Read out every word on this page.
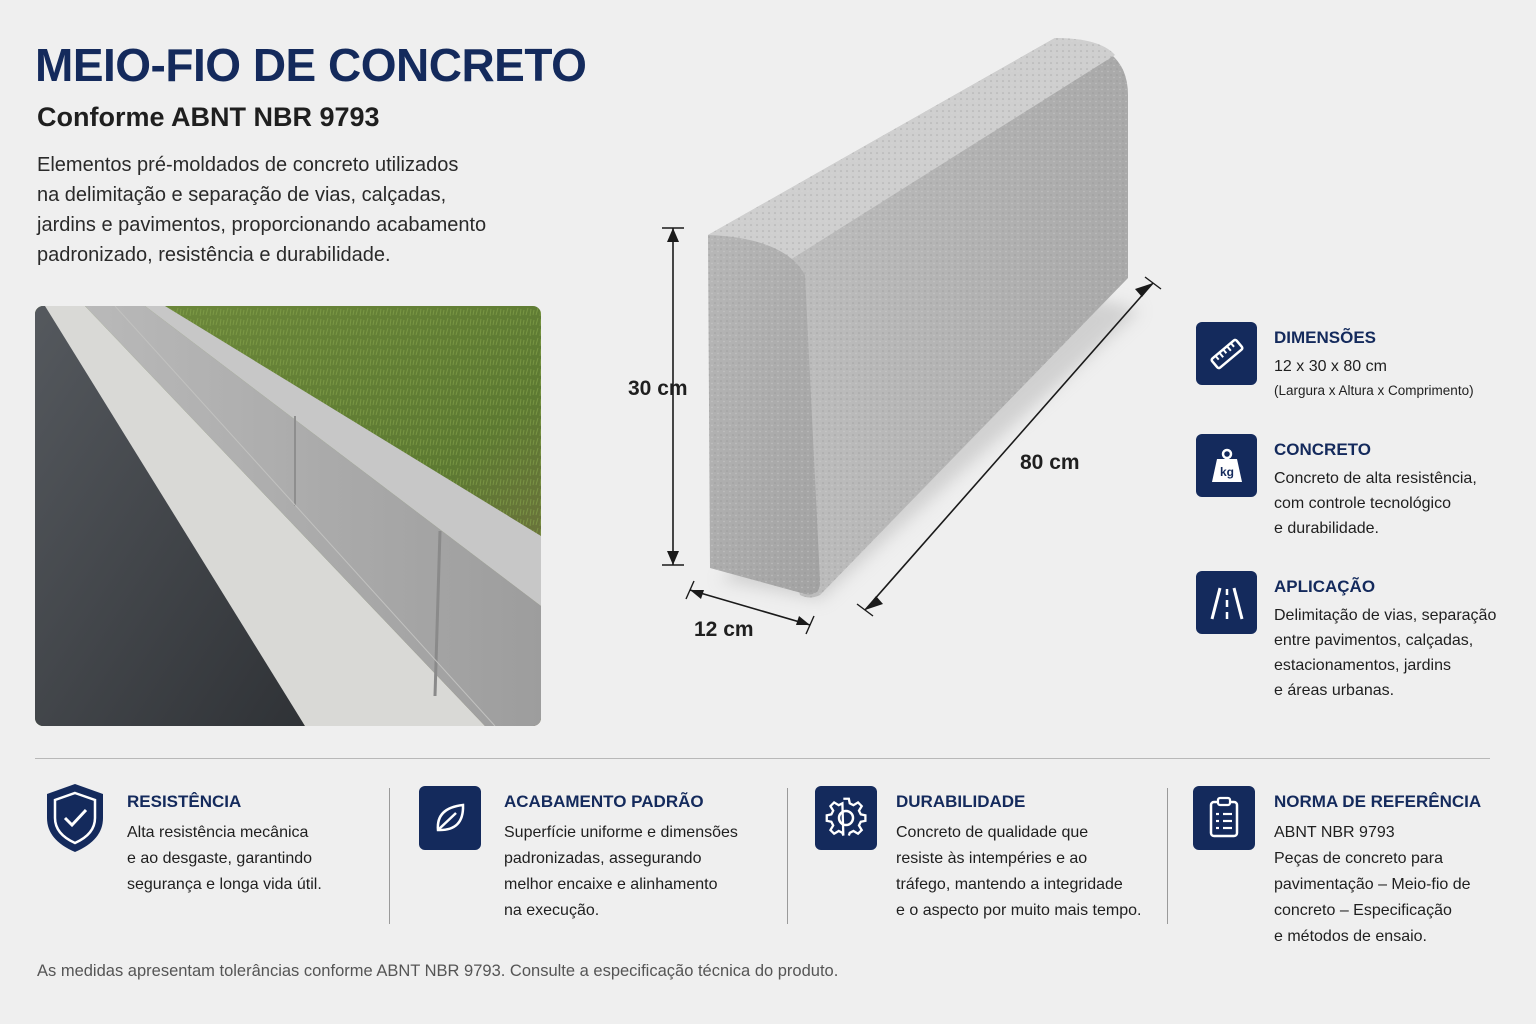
MEIO-FIO DE CONCRETO
Conforme ABNT NBR 9793

Elementos pré-moldados de concreto utilizados
na delimitação e separação de vias, calçadas,
jardins e pavimentos, proporcionando acabamento
padronizado, resistência e durabilidade.

30 cm
80 cm
12 cm

DIMENSÕES

12 x 30 x 80 cm

(Largura x Altura x Comprimento)

kg

CONCRETO

Concreto de alta resistência,
com controle tecnológico
e durabilidade.

APLICAÇÃO

Delimitação de vias, separação
entre pavimentos, calçadas,
estacionamentos, jardins
e áreas urbanas.

RESISTÊNCIA

Alta resistência mecânica
e ao desgaste, garantindo
segurança e longa vida útil.

ACABAMENTO PADRÃO

Superfície uniforme e dimensões
padronizadas, assegurando
melhor encaixe e alinhamento
na execução.

DURABILIDADE

Concreto de qualidade que
resiste às intempéries e ao
tráfego, mantendo a integridade
e o aspecto por muito mais tempo.

NORMA DE REFERÊNCIA

ABNT NBR 9793
Peças de concreto para
pavimentação – Meio-fio de
concreto – Especificação
e métodos de ensaio.

As medidas apresentam tolerâncias conforme ABNT NBR 9793. Consulte a especificação técnica do produto.
